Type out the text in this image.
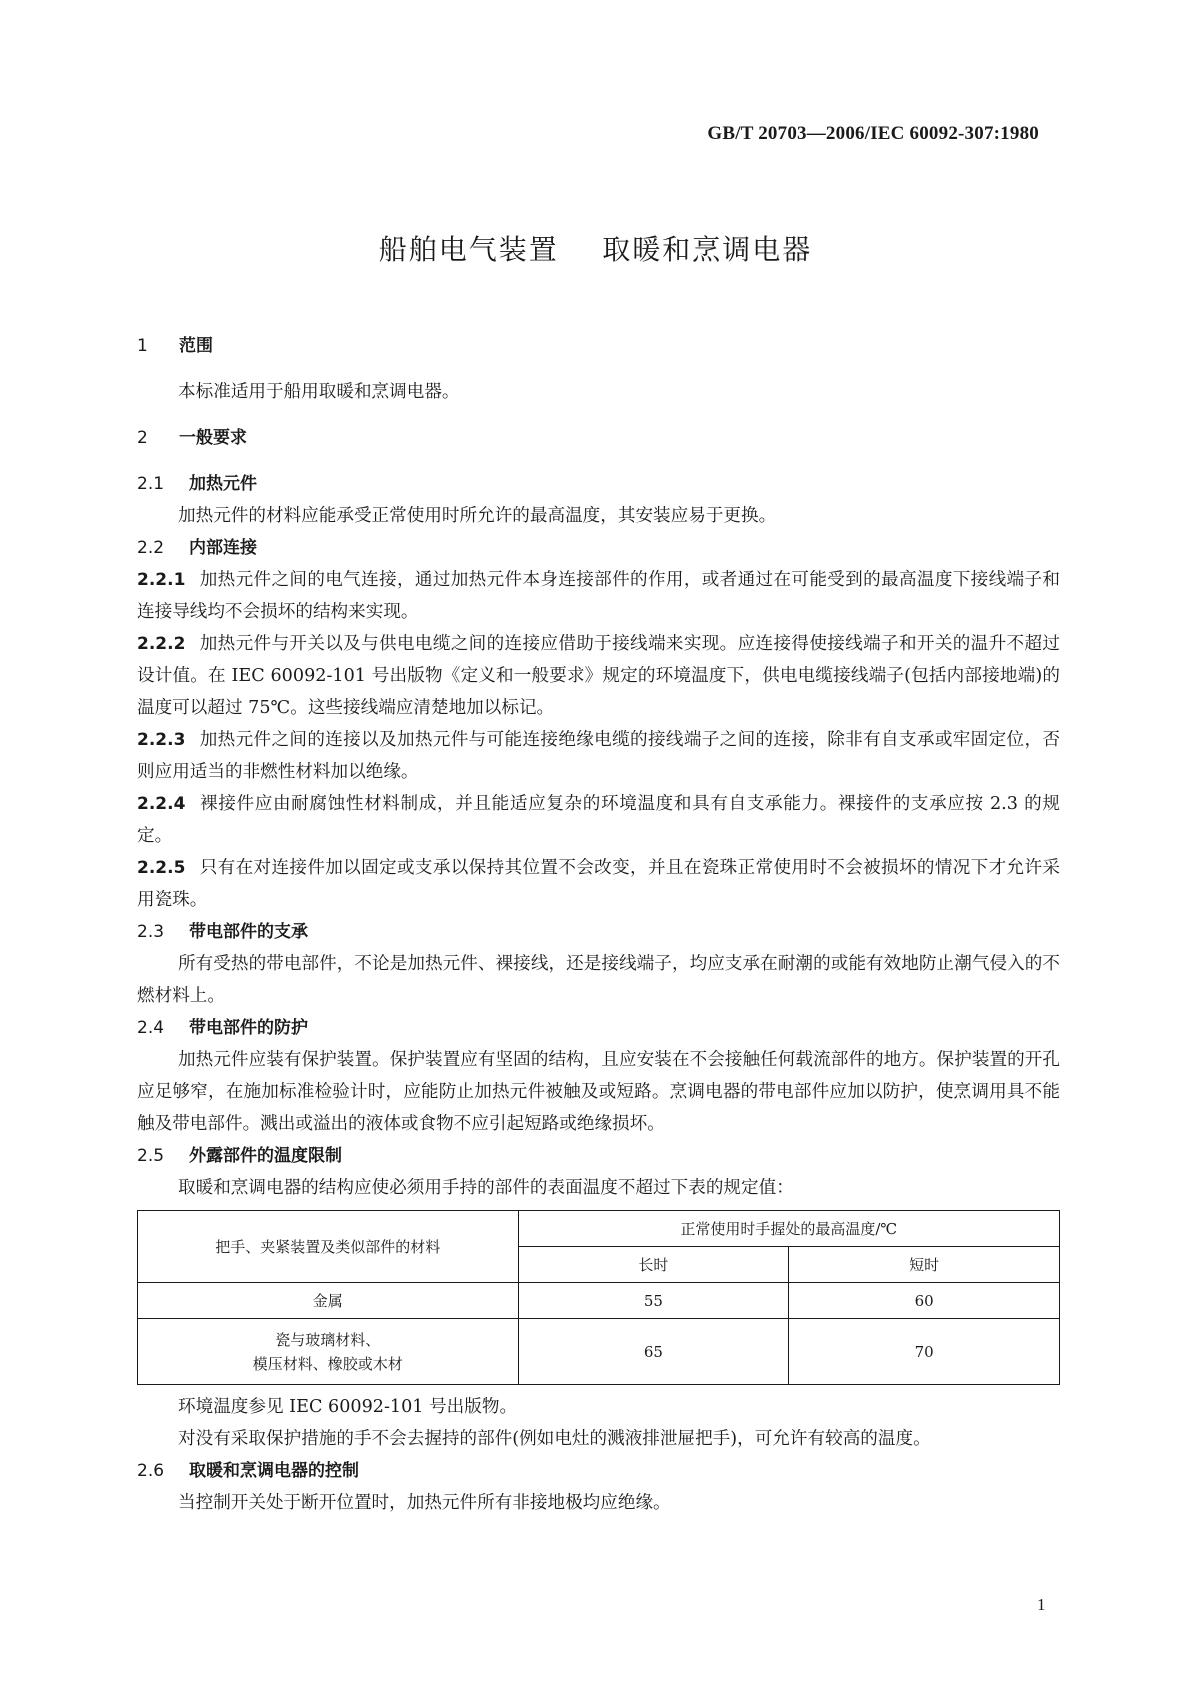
GB/T 20703—2006/IEC 60092-307:1980
船舶电气装置    取暖和烹调电器
1 范围
本标准适用于船用取暖和烹调电器。
2 一般要求
2.1 加热元件
加热元件的材料应能承受正常使用时所允许的最高温度，其安装应易于更换。
2.2 内部连接
2.2.1 加热元件之间的电气连接，通过加热元件本身连接部件的作用，或者通过在可能受到的最高温度下接线端子和连接导线均不会损坏的结构来实现。
2.2.2 加热元件与开关以及与供电电缆之间的连接应借助于接线端来实现。应连接得使接线端子和开关的温升不超过设计值。在 IEC 60092-101 号出版物《定义和一般要求》规定的环境温度下，供电电缆接线端子(包括内部接地端)的温度可以超过 75℃。这些接线端应清楚地加以标记。
2.2.3 加热元件之间的连接以及加热元件与可能连接绝缘电缆的接线端子之间的连接，除非有自支承或牢固定位，否则应用适当的非燃性材料加以绝缘。
2.2.4 裸接件应由耐腐蚀性材料制成，并且能适应复杂的环境温度和具有自支承能力。裸接件的支承应按 2.3 的规定。
2.2.5 只有在对连接件加以固定或支承以保持其位置不会改变，并且在瓷珠正常使用时不会被损坏的情况下才允许采用瓷珠。
2.3 带电部件的支承
所有受热的带电部件，不论是加热元件、裸接线，还是接线端子，均应支承在耐潮的或能有效地防止潮气侵入的不燃材料上。
2.4 带电部件的防护
加热元件应装有保护装置。保护装置应有坚固的结构，且应安装在不会接触任何载流部件的地方。保护装置的开孔应足够窄，在施加标准检验计时，应能防止加热元件被触及或短路。烹调电器的带电部件应加以防护，使烹调用具不能触及带电部件。溅出或溢出的液体或食物不应引起短路或绝缘损坏。
2.5 外露部件的温度限制
取暖和烹调电器的结构应使必须用手持的部件的表面温度不超过下表的规定值：
把手、夹紧装置及类似部件的材料	正常使用时手握处的最高温度/℃	
	长时	短时
金属	55	60

瓷与玻璃材料、
模压材料、橡胶或木材	65	70
环境温度参见 IEC 60092-101 号出版物。
对没有采取保护措施的手不会去握持的部件(例如电灶的溅液排泄屉把手)，可允许有较高的温度。
2.6 取暖和烹调电器的控制
当控制开关处于断开位置时，加热元件所有非接地极均应绝缘。
1
